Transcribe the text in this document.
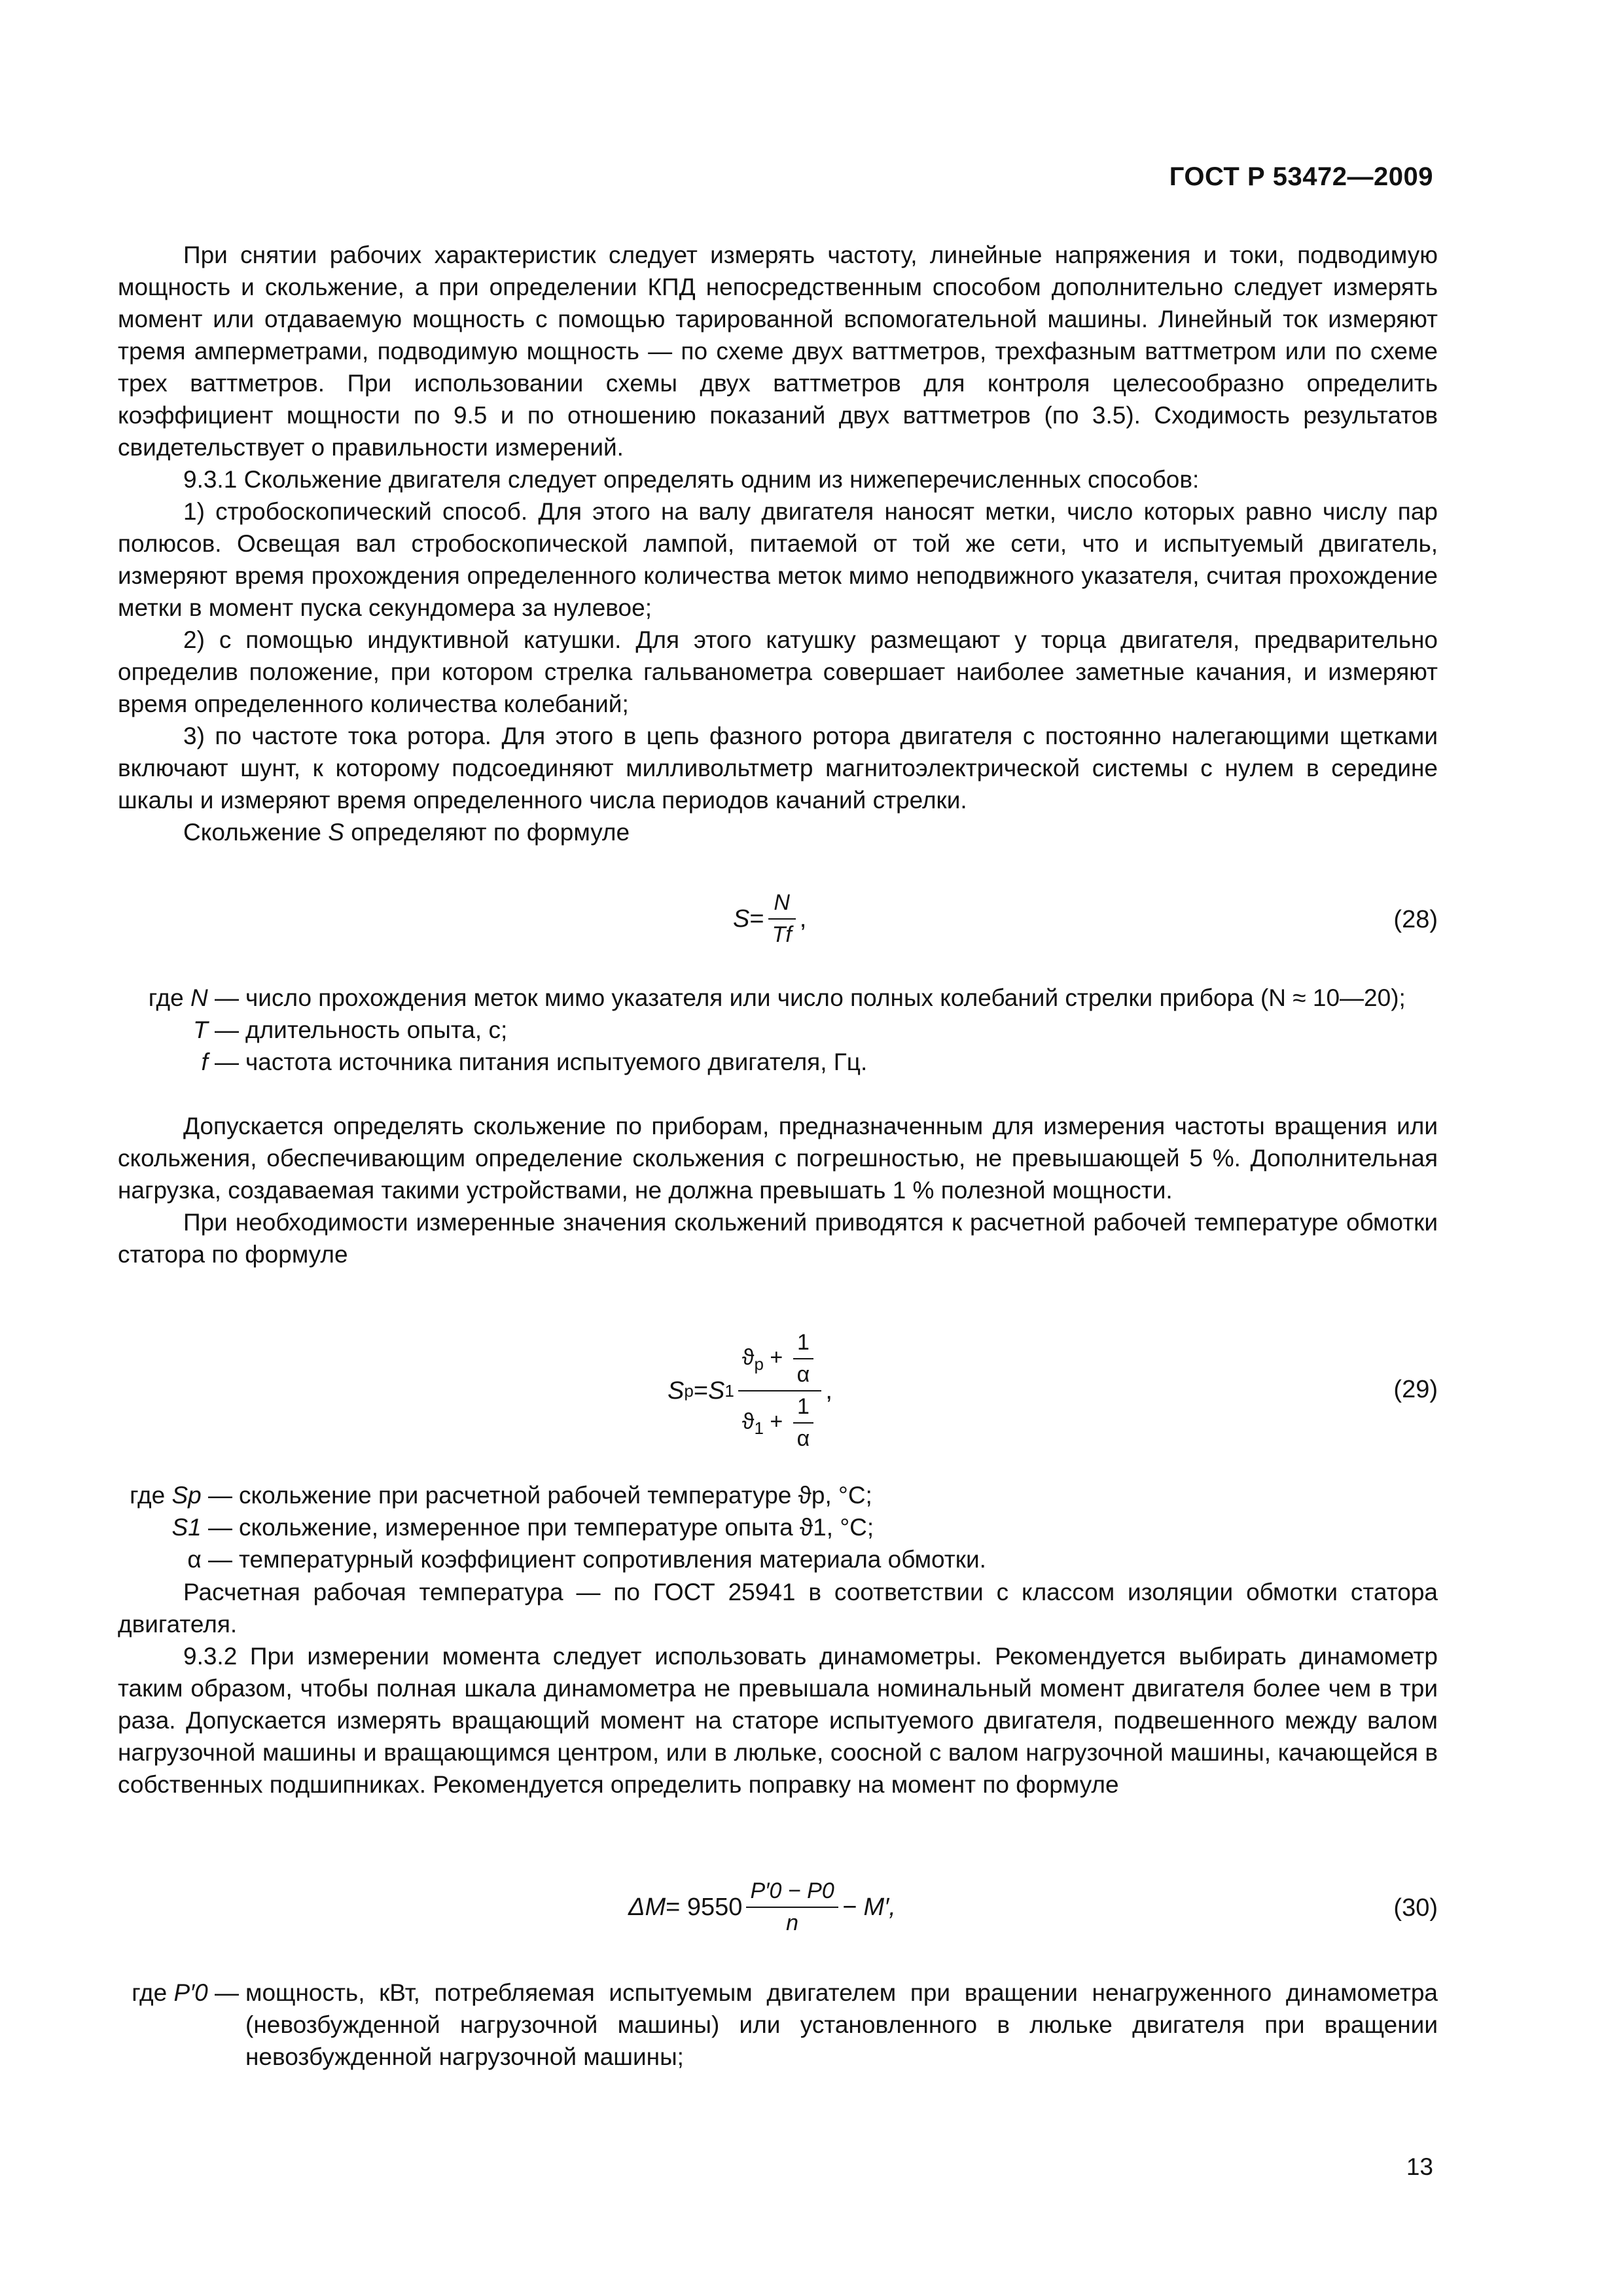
ГОСТ Р 53472—2009

При снятии рабочих характеристик следует измерять частоту, линейные напряжения и токи, подводимую мощность и скольжение, а при определении КПД непосредственным способом дополнительно следует измерять момент или отдаваемую мощность с помощью тарированной вспомогательной машины. Линейный ток измеряют тремя амперметрами, подводимую мощность — по схеме двух ваттметров, трехфазным ваттметром или по схеме трех ваттметров. При использовании схемы двух ваттметров для контроля целесообразно определить коэффициент мощности по 9.5 и по отношению показаний двух ваттметров (по 3.5). Сходимость результатов свидетельствует о правильности измерений.

9.3.1 Скольжение двигателя следует определять одним из нижеперечисленных способов:

1) стробоскопический способ. Для этого на валу двигателя наносят метки, число которых равно числу пар полюсов. Освещая вал стробоскопической лампой, питаемой от той же сети, что и испытуемый двигатель, измеряют время прохождения определенного количества меток мимо неподвижного указателя, считая прохождение метки в момент пуска секундомера за нулевое;

2) с помощью индуктивной катушки. Для этого катушку размещают у торца двигателя, предварительно определив положение, при котором стрелка гальванометра совершает наиболее заметные качания, и измеряют время определенного количества колебаний;

3) по частоте тока ротора. Для этого в цепь фазного ротора двигателя с постоянно налегающими щетками включают шунт, к которому подсоединяют милливольтметр магнитоэлектрической системы с нулем в середине шкалы и измеряют время определенного числа периодов качаний стрелки.

Скольжение S определяют по формуле

$S = \frac{N}{Tf}$ ,	(28)
где N — число прохождения меток мимо указателя или число полных колебаний стрелки прибора (N ≈ 10—20);
T — длительность опыта, с;
f — частота источника питания испытуемого двигателя, Гц.

Допускается определять скольжение по приборам, предназначенным для измерения частоты вращения или скольжения, обеспечивающим определение скольжения с погрешностью, не превышающей 5 %. Дополнительная нагрузка, создаваемая такими устройствами, не должна превышать 1 % полезной мощности.

При необходимости измеренные значения скольжений приводятся к расчетной рабочей температуре обмотки статора по формуле

S р = S $1 \frac{ϑ_р + \frac{1}{\alpha}}{ϑ_1 + \frac{1}{\alpha}}$ ,	(29)
где Sр — скольжение при расчетной рабочей температуре ϑр, °С;
S1 — скольжение, измеренное при температуре опыта ϑ1, °С;
α — температурный коэффициент сопротивления материала обмотки.

Расчетная рабочая температура — по ГОСТ 25941 в соответствии с классом изоляции обмотки статора двигателя.

9.3.2 При измерении момента следует использовать динамометры. Рекомендуется выбирать динамометр таким образом, чтобы полная шкала динамометра не превышала номинальный момент двигателя более чем в три раза. Допускается измерять вращающий момент на статоре испытуемого двигателя, подвешенного между валом нагрузочной машины и вращающимся центром, или в люльке, соосной с валом нагрузочной машины, качающейся в собственных подшипниках. Рекомендуется определить поправку на момент по формуле

$\Delta M = 9550 \frac{P'0 - P0}{n} - M'$,	(30)
где P′0 — мощность, кВт, потребляемая испытуемым двигателем при вращении ненагруженного динамометра (невозбужденной нагрузочной машины) или установленного в люльке двигателя при вращении невозбужденной нагрузочной машины;
13
